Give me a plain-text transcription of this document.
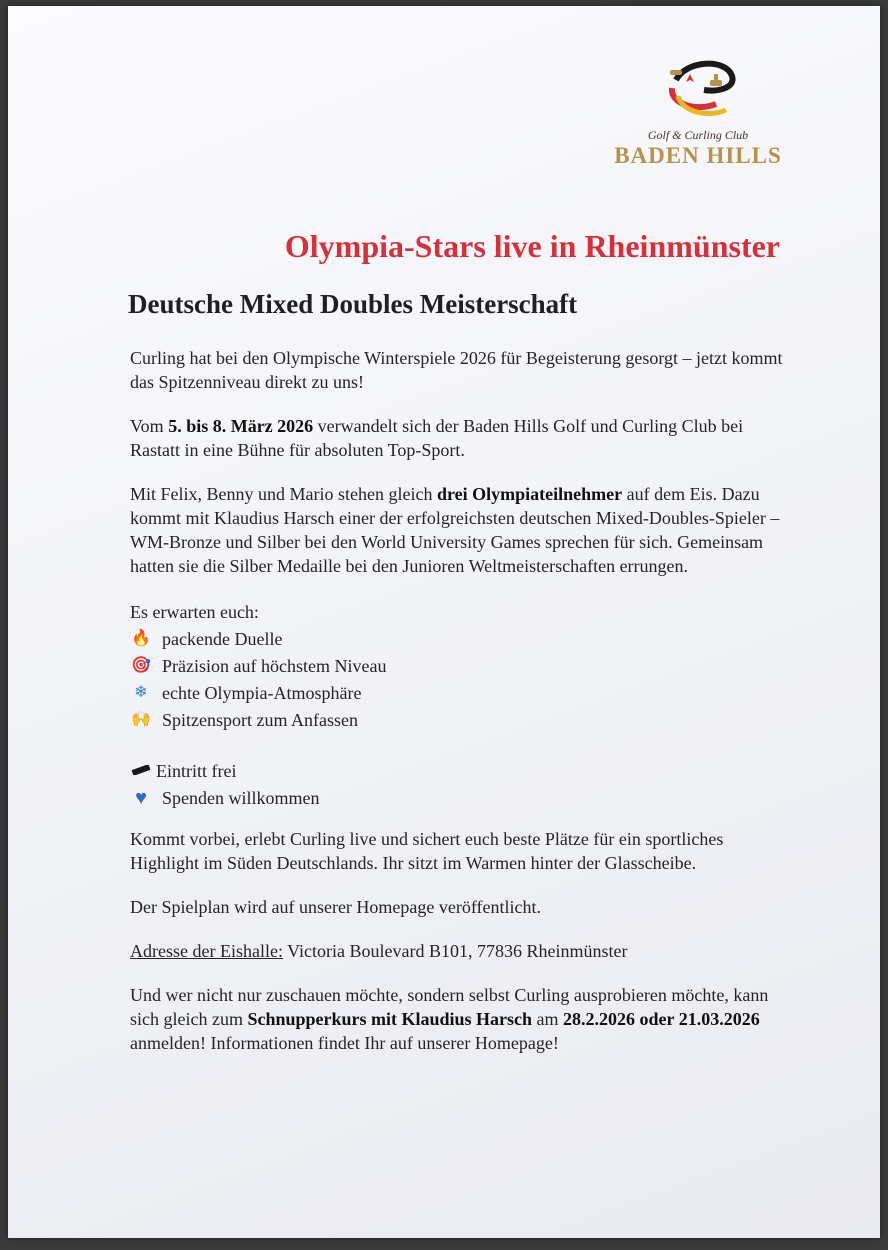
Golf & Curling Club
BADEN HILLS
Olympia-Stars live in Rheinmünster
Deutsche Mixed Doubles Meisterschaft

Curling hat bei den Olympische Winterspiele 2026 für Begeisterung gesorgt – jetzt kommt das Spitzenniveau direkt zu uns!

Vom 5. bis 8. März 2026 verwandelt sich der Baden Hills Golf und Curling Club bei Rastatt in eine Bühne für absoluten Top-Sport.

Mit Felix, Benny und Mario stehen gleich drei Olympiateilnehmer auf dem Eis. Dazu kommt mit Klaudius Harsch einer der erfolgreichsten deutschen Mixed-Doubles-Spieler – WM-Bronze und Silber bei den World University Games sprechen für sich. Gemeinsam hatten sie die Silber Medaille bei den Junioren Weltmeisterschaften errungen.

Es erwarten euch:
🔥 packende Duelle
🎯 Präzision auf höchstem Niveau
❄ echte Olympia-Atmosphäre
🙌 Spitzensport zum Anfassen
Eintritt frei
♥ Spenden willkommen

Kommt vorbei, erlebt Curling live und sichert euch beste Plätze für ein sportliches Highlight im Süden Deutschlands. Ihr sitzt im Warmen hinter der Glasscheibe.

Der Spielplan wird auf unserer Homepage veröffentlicht.

Adresse der Eishalle: Victoria Boulevard B101, 77836 Rheinmünster

Und wer nicht nur zuschauen möchte, sondern selbst Curling ausprobieren möchte, kann sich gleich zum Schnupperkurs mit Klaudius Harsch am 28.2.2026 oder 21.03.2026 anmelden! Informationen findet Ihr auf unserer Homepage!
